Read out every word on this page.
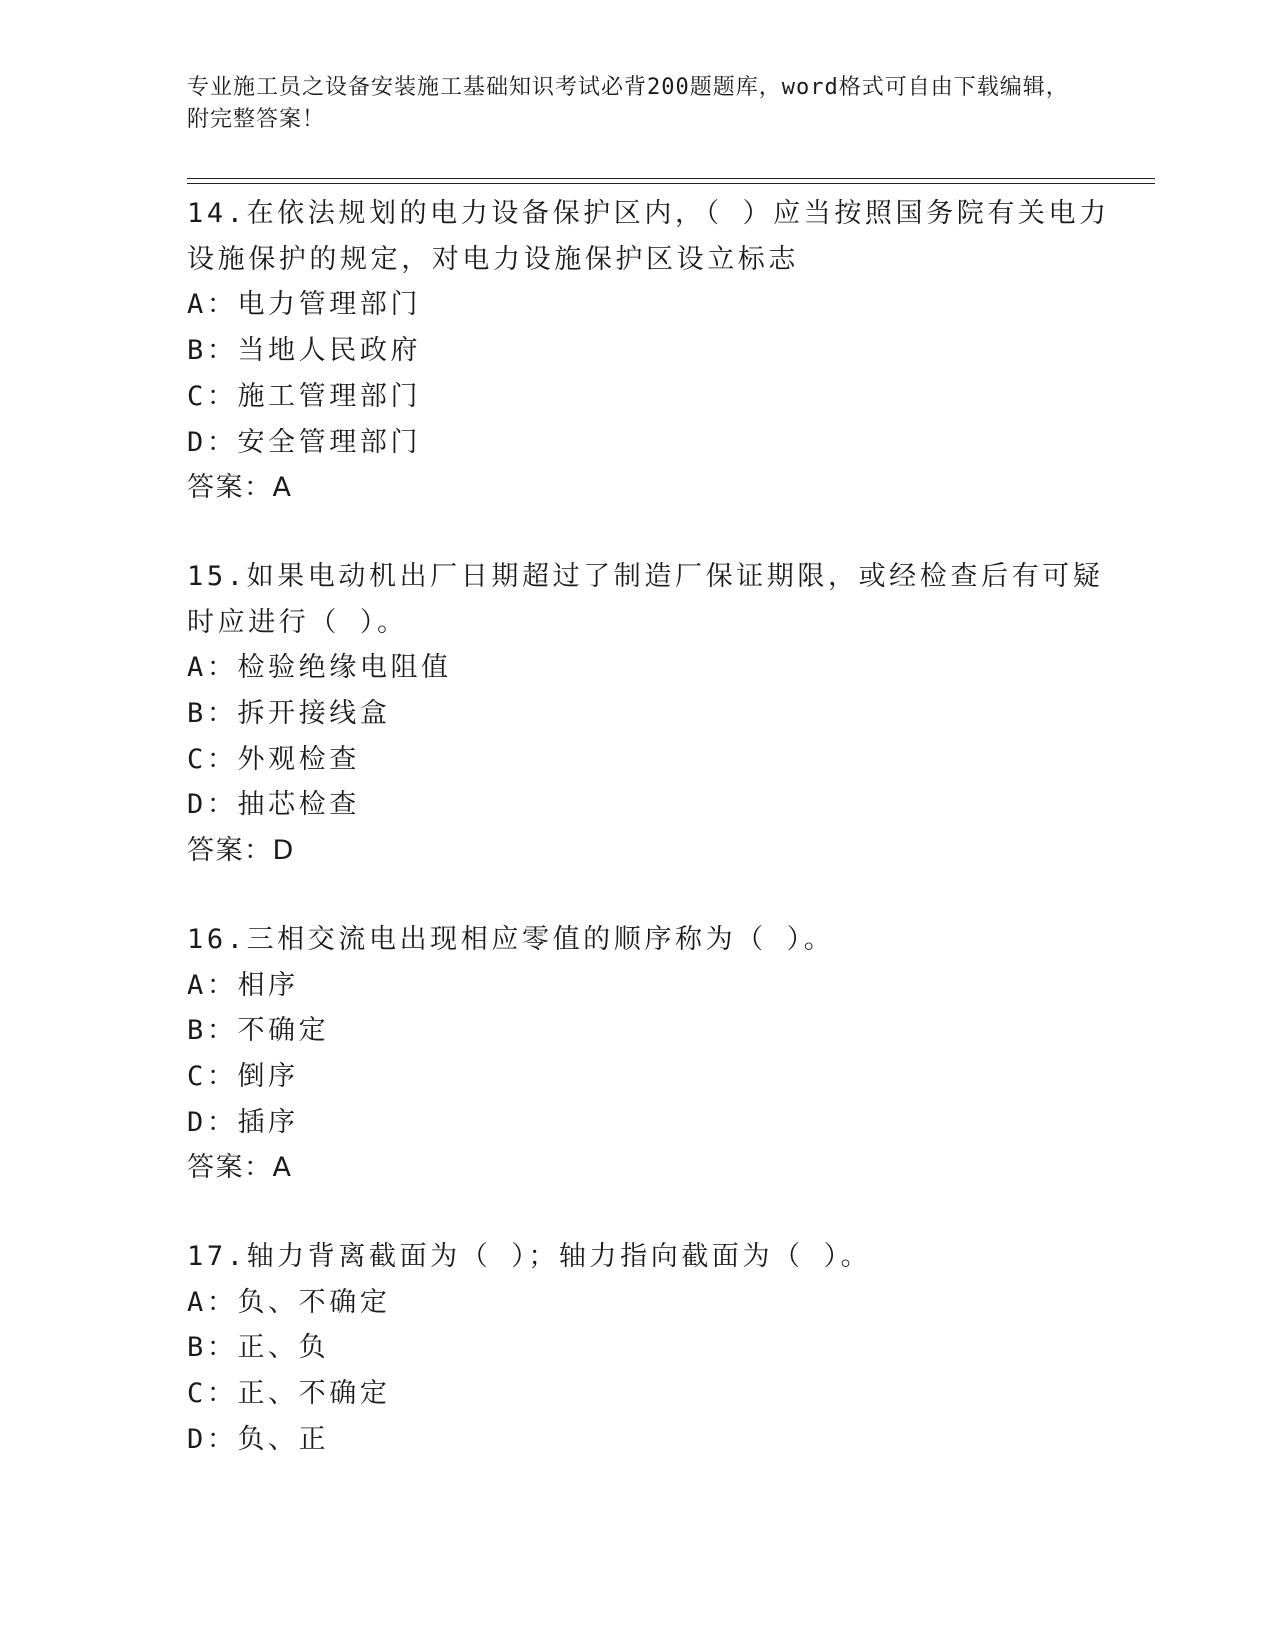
专业施工员之设备安装施工基础知识考试必背200题题库，word格式可自由下载编辑，附完整答案！
14.在依法规划的电力设备保护区内，（ ）应当按照国务院有关电力设施保护的规定，对电力设施保护区设立标志
A：电力管理部门
B：当地人民政府
C：施工管理部门
D：安全管理部门
答案：A
15.如果电动机出厂日期超过了制造厂保证期限，或经检查后有可疑时应进行（ ）。
A：检验绝缘电阻值
B：拆开接线盒
C：外观检查
D：抽芯检查
答案：D
16.三相交流电出现相应零值的顺序称为（ ）。
A：相序
B：不确定
C：倒序
D：插序
答案：A
17.轴力背离截面为（ ）；轴力指向截面为（ ）。
A：负、不确定
B：正、负
C：正、不确定
D：负、正
